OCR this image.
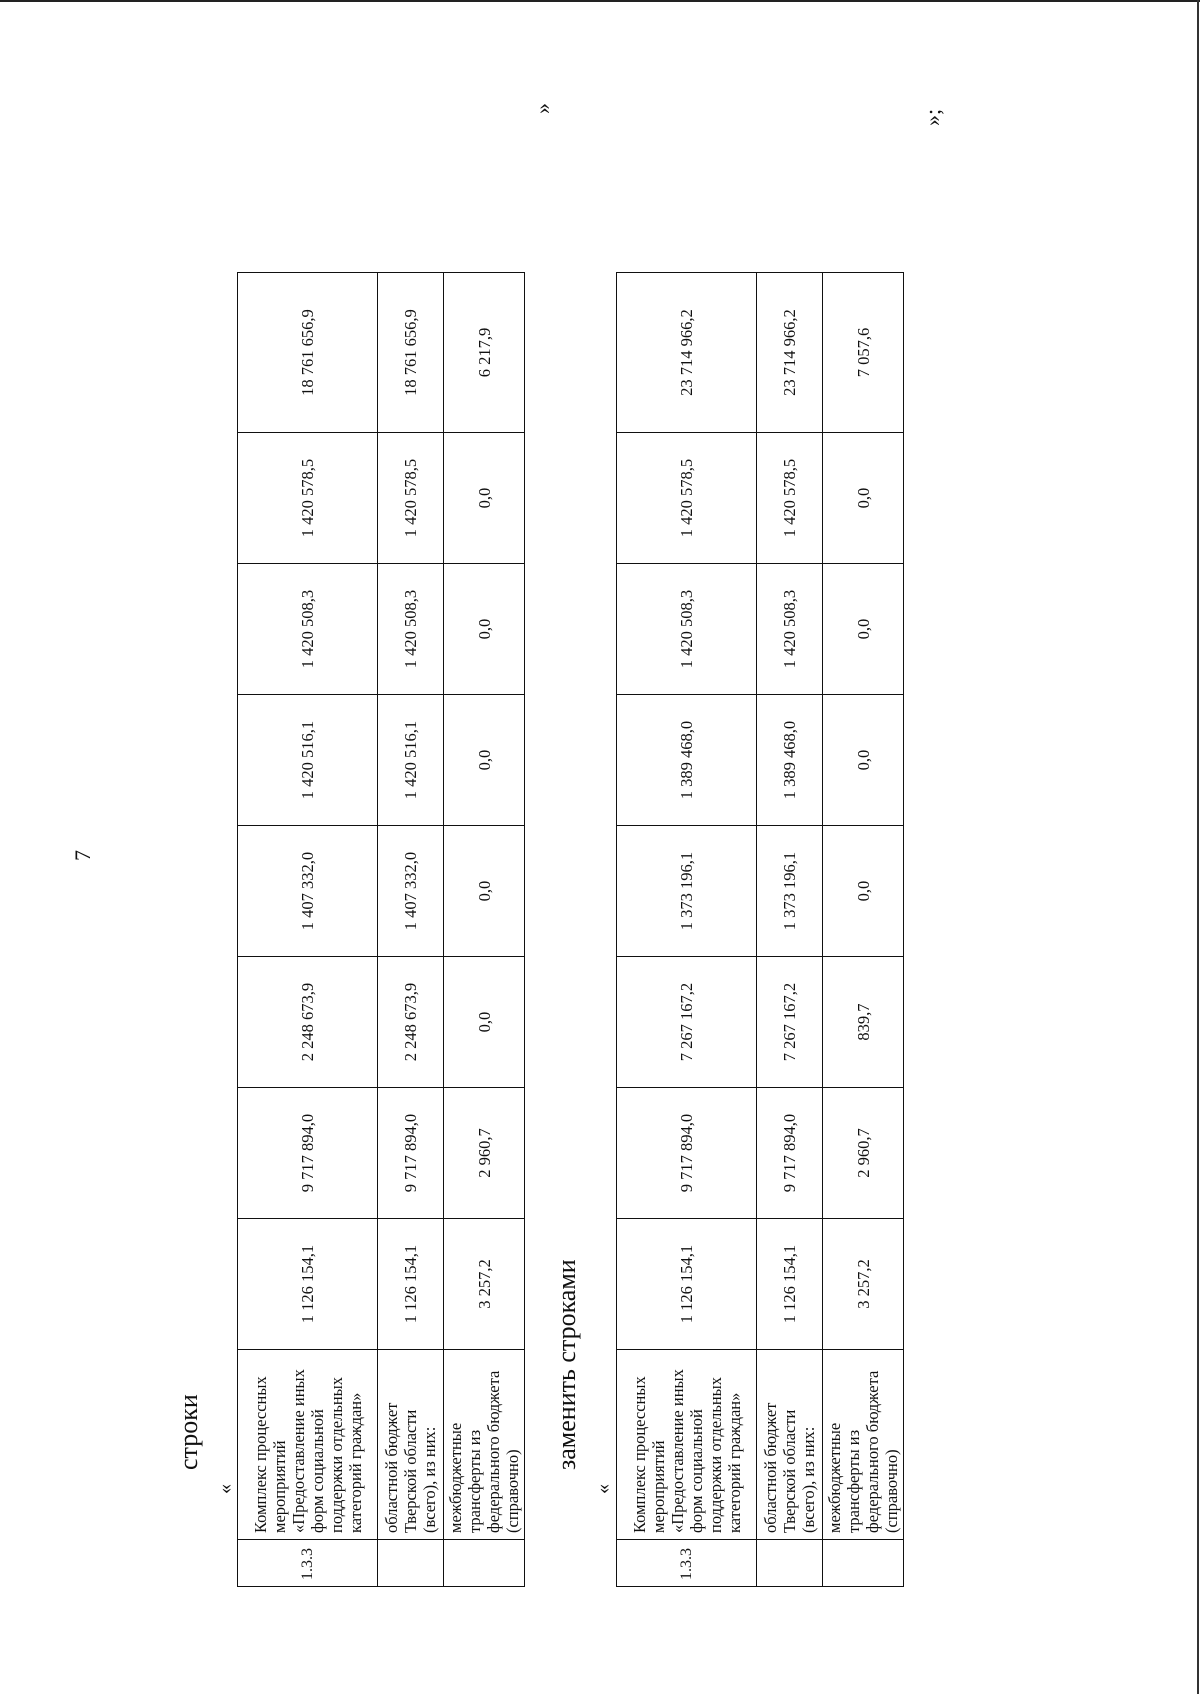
7
строки
«
1.3.3	Комплекс процессных мероприятий «Предоставление иных форм социальной поддержки отдельных категорий граждан»	1 126 154,1	9 717 894,0	2 248 673,9	1 407 332,0	1 420 516,1	1 420 508,3	1 420 578,5	18 761 656,9
	областной бюджет Тверской области (всего), из них:	1 126 154,1	9 717 894,0	2 248 673,9	1 407 332,0	1 420 516,1	1 420 508,3	1 420 578,5	18 761 656,9
	межбюджетные трансферты из федерального бюджета (справочно)	3 257,2	2 960,7	0,0	0,0	0,0	0,0	0,0	6 217,9
»
заменить строками
«
1.3.3	Комплекс процессных мероприятий «Предоставление иных форм социальной поддержки отдельных категорий граждан»	1 126 154,1	9 717 894,0	7 267 167,2	1 373 196,1	1 389 468,0	1 420 508,3	1 420 578,5	23 714 966,2
	областной бюджет Тверской области (всего), из них:	1 126 154,1	9 717 894,0	7 267 167,2	1 373 196,1	1 389 468,0	1 420 508,3	1 420 578,5	23 714 966,2
	межбюджетные трансферты из федерального бюджета (справочно)	3 257,2	2 960,7	839,7	0,0	0,0	0,0	0,0	7 057,6
»;
